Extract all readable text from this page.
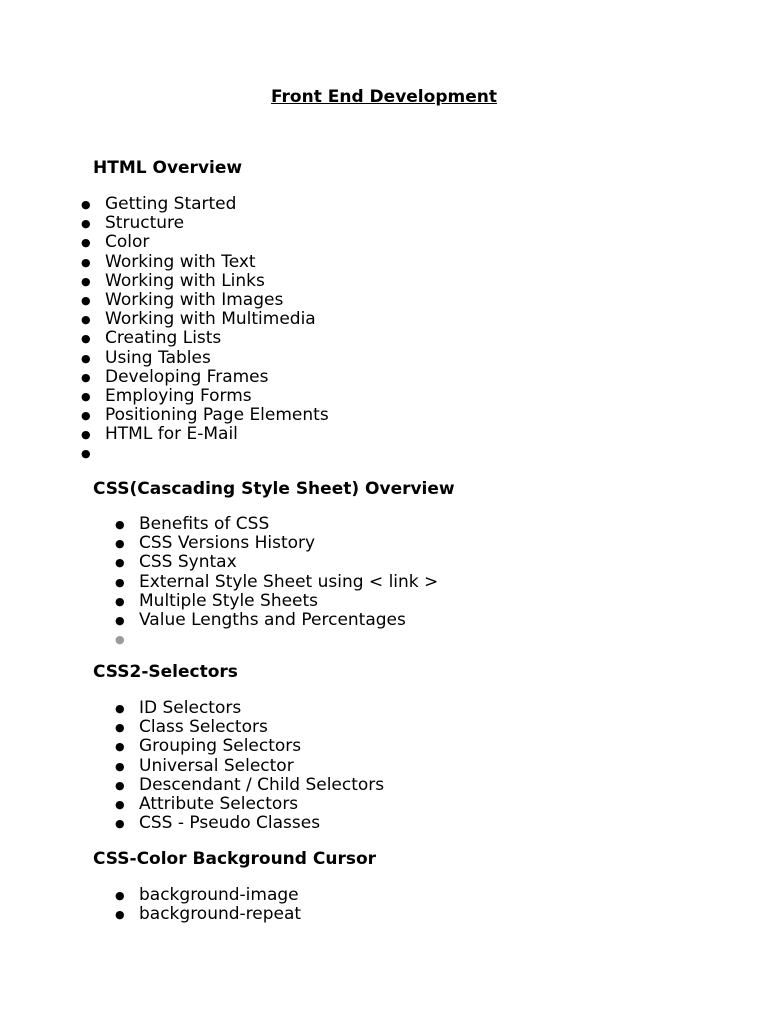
Front End Development
HTML Overview
● Getting Started
● Structure
● Color
● Working with Text
● Working with Links
● Working with Images
● Working with Multimedia
● Creating Lists
● Using Tables
● Developing Frames
● Employing Forms
● Positioning Page Elements
● HTML for E-Mail
●
CSS(Cascading Style Sheet) Overview
● Benefits of CSS
● CSS Versions History
● CSS Syntax
● External Style Sheet using < link >
● Multiple Style Sheets
● Value Lengths and Percentages
●
CSS2-Selectors
● ID Selectors
● Class Selectors
● Grouping Selectors
● Universal Selector
● Descendant / Child Selectors
● Attribute Selectors
● CSS - Pseudo Classes
CSS-Color Background Cursor
● background-image
● background-repeat
